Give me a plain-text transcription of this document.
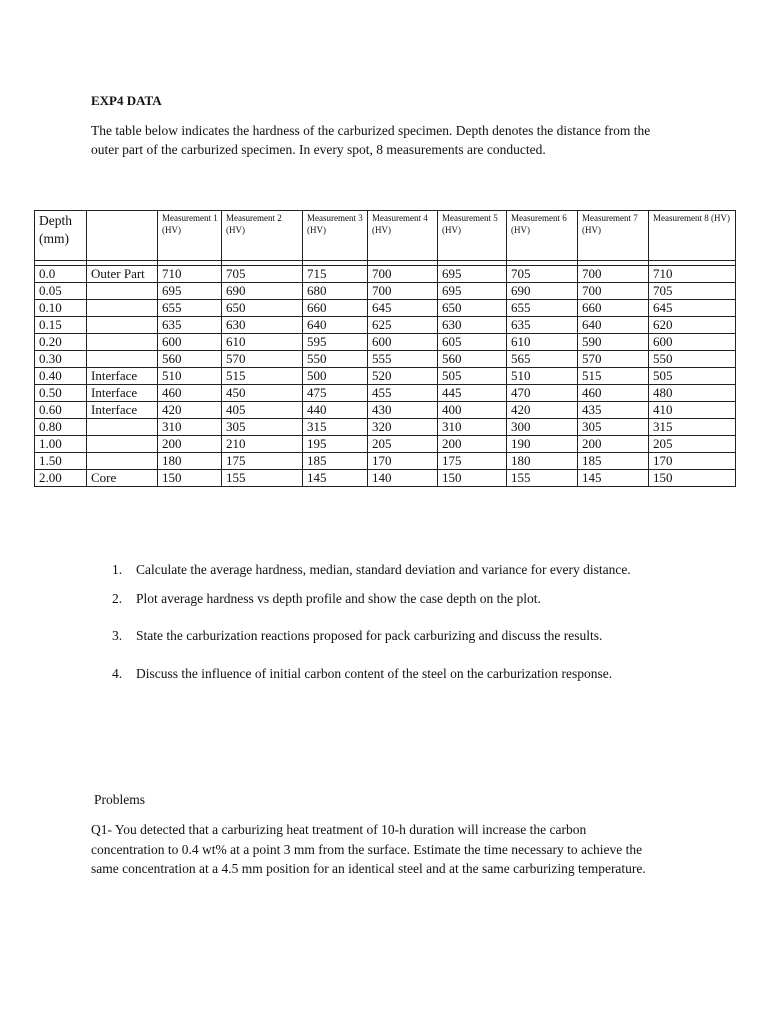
EXP4 DATA
The table below indicates the hardness of the carburized specimen. Depth denotes the distance from the outer part of the carburized specimen. In every spot, 8 measurements are conducted.
Depth (mm)		Measurement 1 (HV)	Measurement 2 (HV)	Measurement 3 (HV)	Measurement 4 (HV)	Measurement 5 (HV)	Measurement 6 (HV)	Measurement 7 (HV)	Measurement 8 (HV)

0.0	Outer Part	710	705	715	700	695	705	700	710
0.05		695	690	680	700	695	690	700	705
0.10		655	650	660	645	650	655	660	645
0.15		635	630	640	625	630	635	640	620
0.20		600	610	595	600	605	610	590	600
0.30		560	570	550	555	560	565	570	550
0.40	Interface	510	515	500	520	505	510	515	505
0.50	Interface	460	450	475	455	445	470	460	480
0.60	Interface	420	405	440	430	400	420	435	410
0.80		310	305	315	320	310	300	305	315
1.00		200	210	195	205	200	190	200	205
1.50		180	175	185	170	175	180	185	170
2.00	Core	150	155	145	140	150	155	145	150
1. Calculate the average hardness, median, standard deviation and variance for every distance.
2. Plot average hardness vs depth profile and show the case depth on the plot.
3. State the carburization reactions proposed for pack carburizing and discuss the results.
4. Discuss the influence of initial carbon content of the steel on the carburization response.
Problems
Q1- You detected that a carburizing heat treatment of 10-h duration will increase the carbon concentration to 0.4 wt% at a point 3 mm from the surface. Estimate the time necessary to achieve the same concentration at a 4.5 mm position for an identical steel and at the same carburizing temperature.
